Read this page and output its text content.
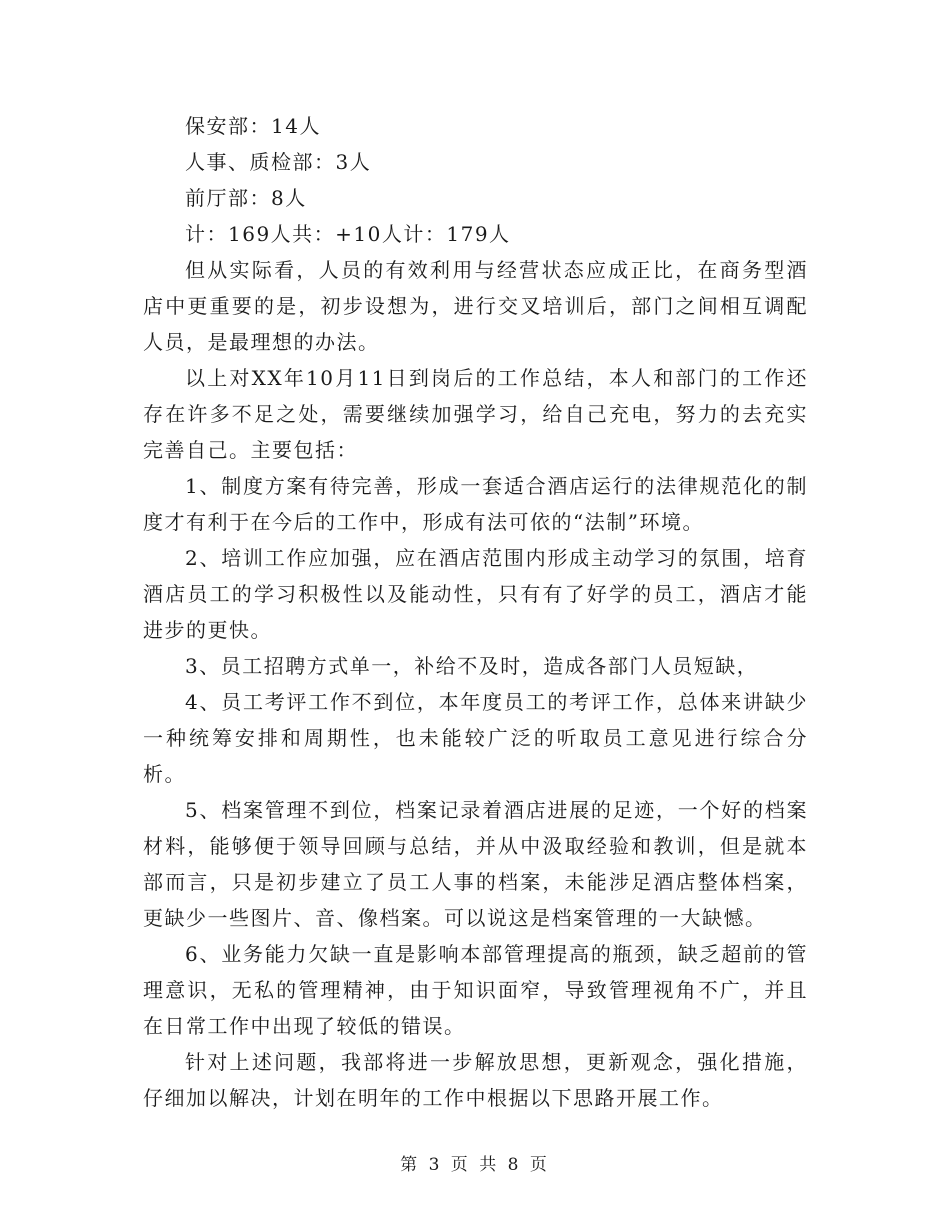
保安部：14人

人事、质检部：3人

前厅部：8人

计：169人共：+10人计：179人

但从实际看，人员的有效利用与经营状态应成正比，在商务型酒店中更重要的是，初步设想为，进行交叉培训后，部门之间相互调配人员，是最理想的办法。

以上对XX年10月11日到岗后的工作总结，本人和部门的工作还存在许多不足之处，需要继续加强学习，给自己充电，努力的去充实完善自己。主要包括：

1、制度方案有待完善，形成一套适合酒店运行的法律规范化的制度才有利于在今后的工作中，形成有法可依的“法制”环境。

2、培训工作应加强，应在酒店范围内形成主动学习的氛围，培育酒店员工的学习积极性以及能动性，只有有了好学的员工，酒店才能进步的更快。

3、员工招聘方式单一，补给不及时，造成各部门人员短缺，

4、员工考评工作不到位，本年度员工的考评工作，总体来讲缺少一种统筹安排和周期性，也未能较广泛的听取员工意见进行综合分析。

5、档案管理不到位，档案记录着酒店进展的足迹，一个好的档案材料，能够便于领导回顾与总结，并从中汲取经验和教训，但是就本部而言，只是初步建立了员工人事的档案，未能涉足酒店整体档案，更缺少一些图片、音、像档案。可以说这是档案管理的一大缺憾。

6、业务能力欠缺一直是影响本部管理提高的瓶颈，缺乏超前的管理意识，无私的管理精神，由于知识面窄，导致管理视角不广，并且在日常工作中出现了较低的错误。

针对上述问题，我部将进一步解放思想，更新观念，强化措施，仔细加以解决，计划在明年的工作中根据以下思路开展工作。

第 3 页 共 8 页
